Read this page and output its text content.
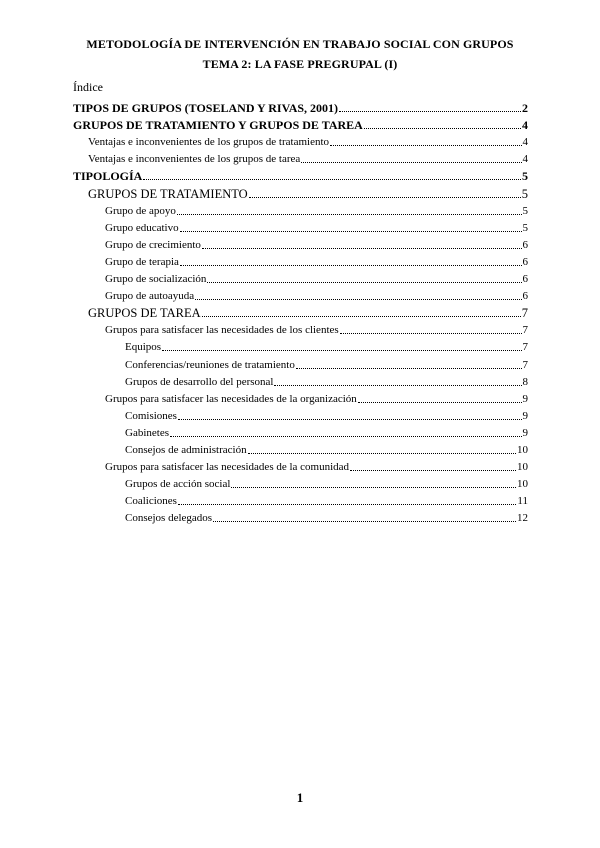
METODOLOGÍA DE INTERVENCIÓN EN TRABAJO SOCIAL CON GRUPOS
TEMA 2: LA FASE PREGRUPAL (I)
Índice
TIPOS DE GRUPOS (TOSELAND Y RIVAS, 2001)	2
GRUPOS DE TRATAMIENTO Y GRUPOS DE TAREA	4
Ventajas e inconvenientes de los grupos de tratamiento	4
Ventajas e inconvenientes de los grupos de tarea	4
TIPOLOGÍA	5
GRUPOS DE TRATAMIENTO	5
Grupo de apoyo	5
Grupo educativo	5
Grupo de crecimiento	6
Grupo de terapia	6
Grupo de socialización	6
Grupo de autoayuda	6
GRUPOS DE TAREA	7
Grupos para satisfacer las necesidades de los clientes	7
Equipos	7
Conferencias/reuniones de tratamiento	7
Grupos de desarrollo del personal	8
Grupos para satisfacer las necesidades de la organización	9
Comisiones	9
Gabinetes	9
Consejos de administración	10
Grupos para satisfacer las necesidades de la comunidad	10
Grupos de acción social	10
Coaliciones	11
Consejos delegados	12
1
